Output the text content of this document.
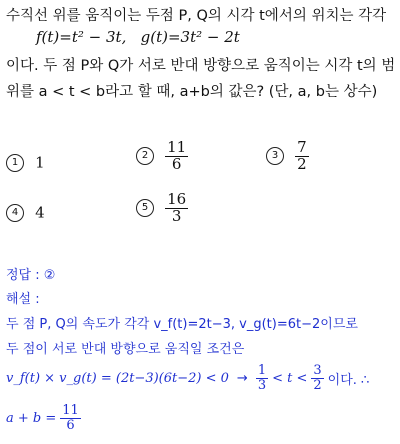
수직선 위를 움직이는 두점 P, Q의 시각 t에서의 위치는 각각
f(t)=t² − 3t, g(t)=3t² − 2t
이다. 두 점 P와 Q가 서로 반대 방향으로 움직이는 시각 t의 범
위를 a < t < b라고 할 때, a+b의 값은? (단, a, b는 상수)
1 1	$2 \frac{11}{6}$	$3 \frac{7}{2}$
4 4	$5 \frac{16}{3}$
정답 : ②
해설 :
두 점 P, Q의 속도가 각각 v_f(t)=2t−3, v_g(t)=6t−2이므로
두 점이 서로 반대 방향으로 움직일 조건은
v_f(t) × v_g(t) = $(2t-3)(6t-2) < 0 \to \frac{1}{3} < t < \frac{3}{2}$ 이다. ∴
$a + b = \frac{11}{6}$
